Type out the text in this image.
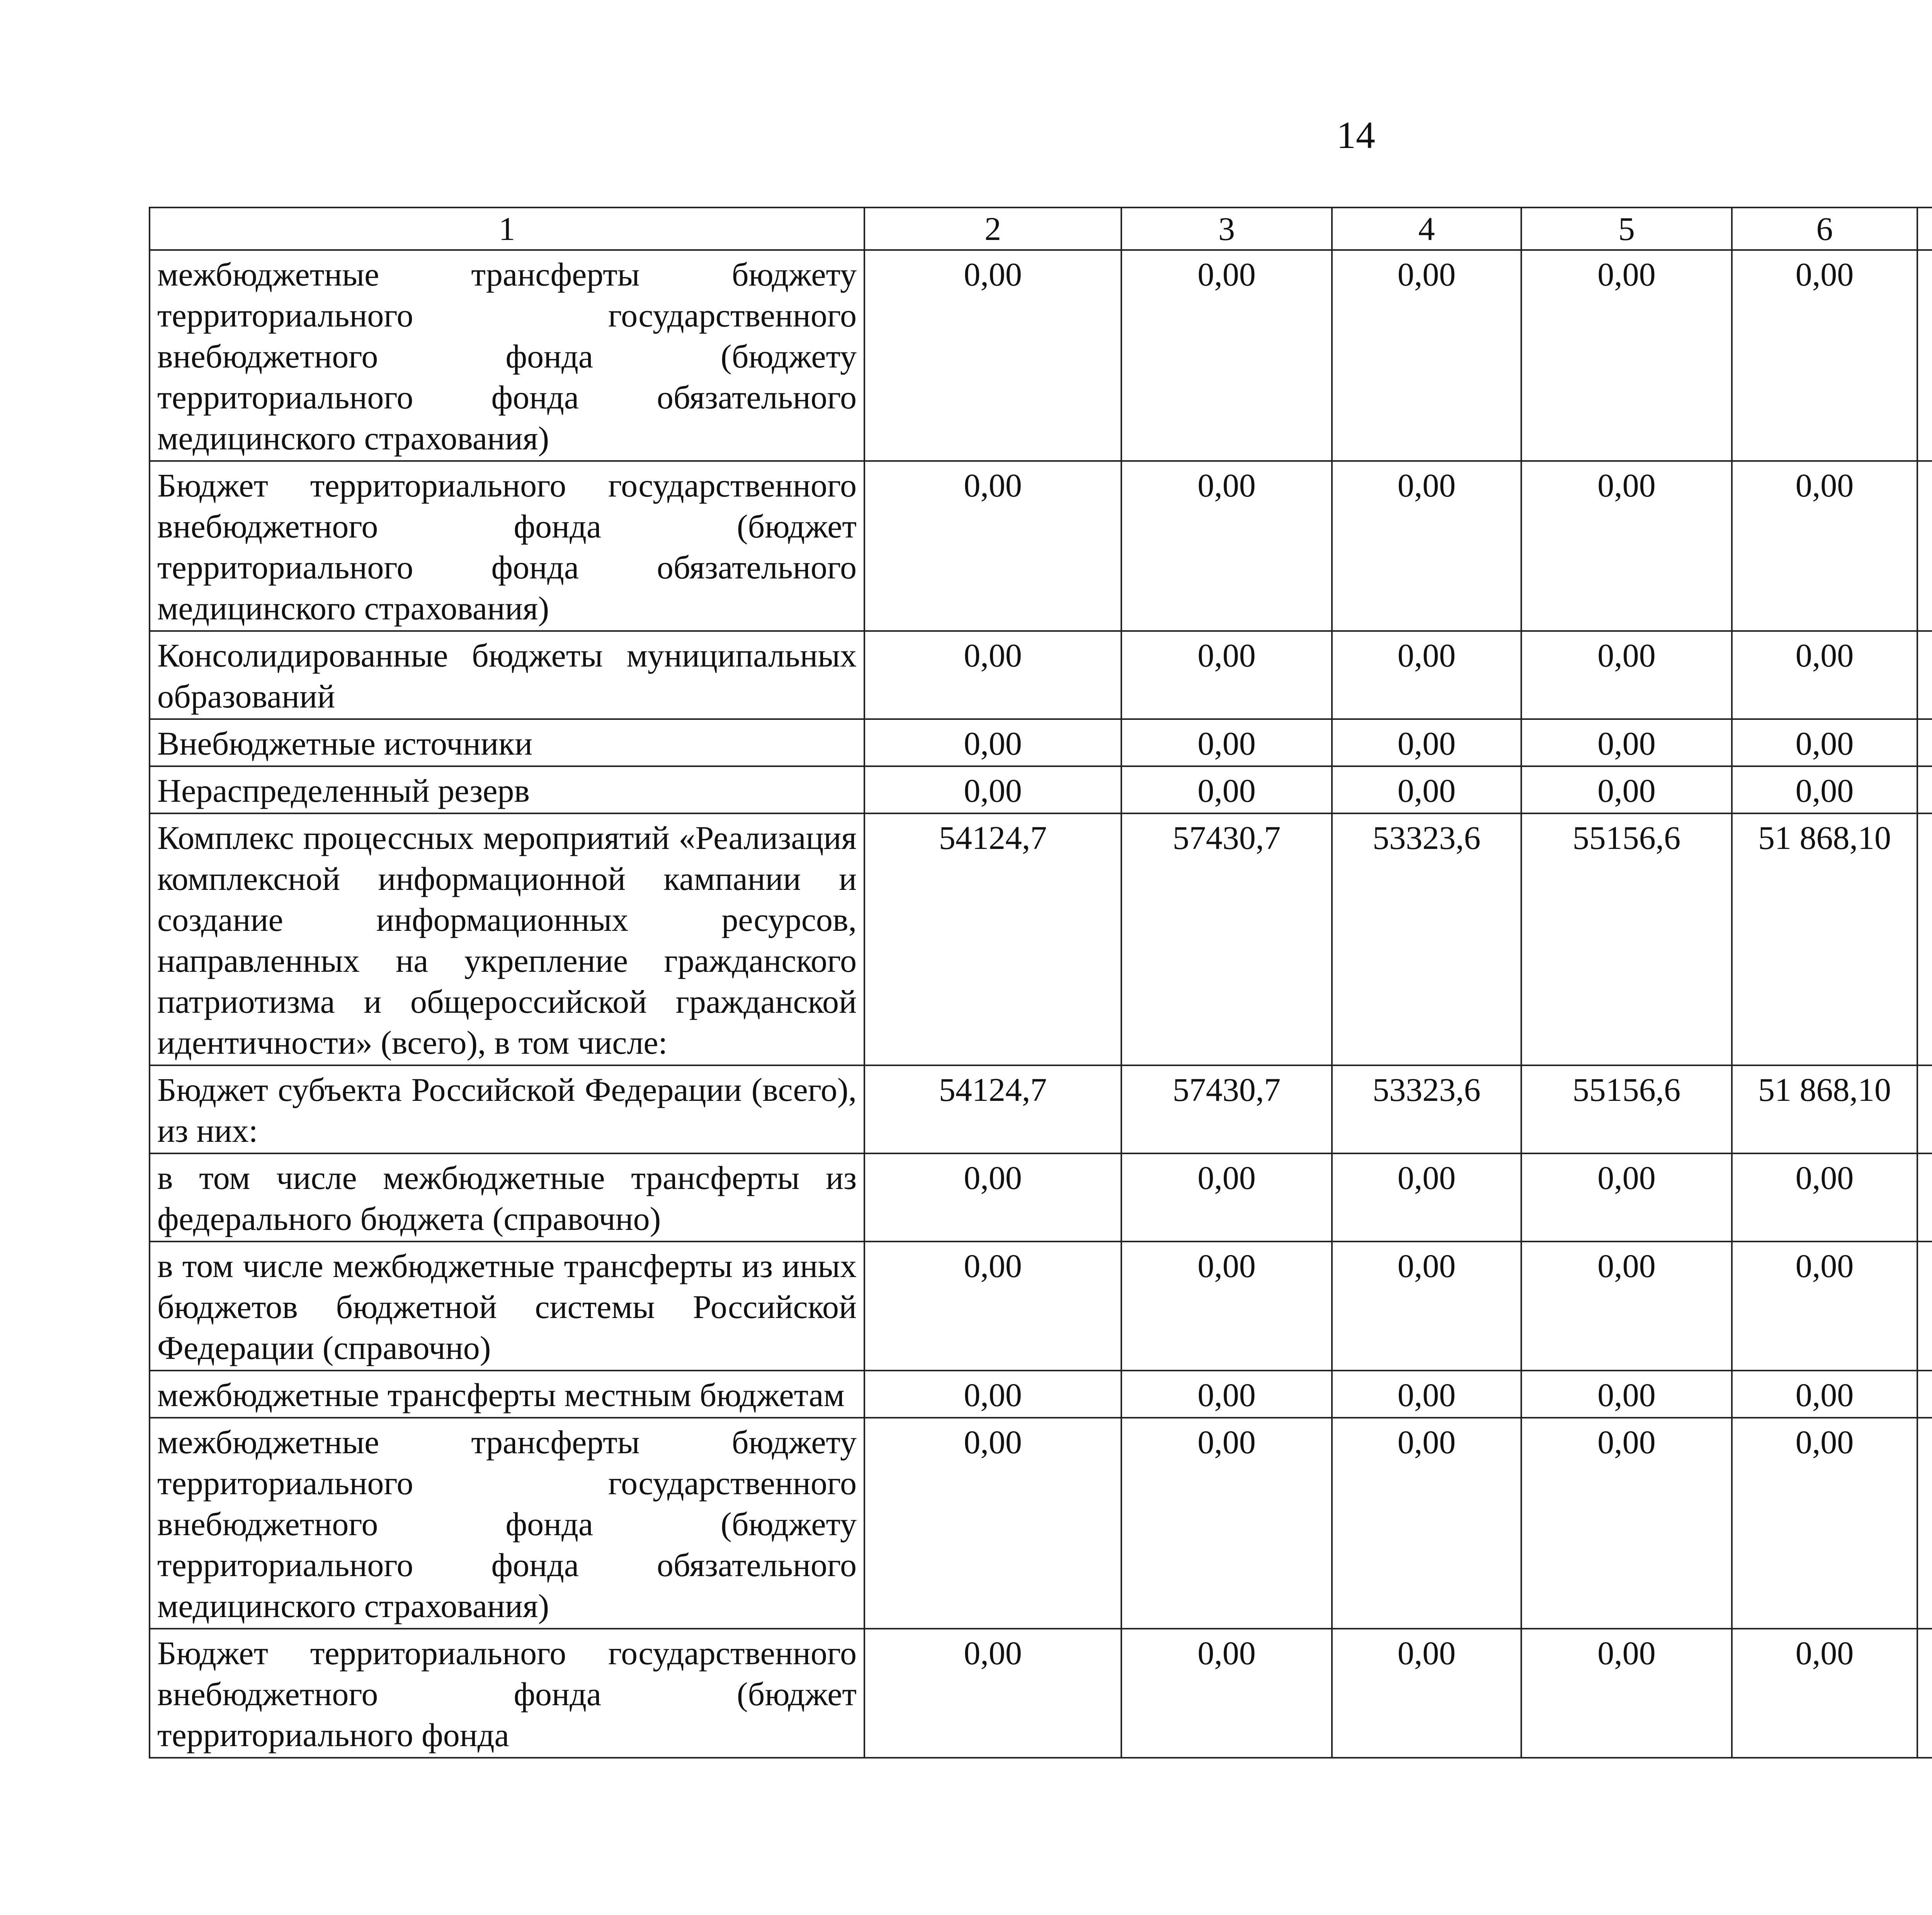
14
1	2	3	4	5	6			
межбюджетные трансферты бюджету территориального государственного внебюджетного фонда (бюджету территориального фонда обязательного медицинского страхования)	0,00	0,00	0,00	0,00	0,00			
Бюджет территориального государственного внебюджетного фонда (бюджет территориального фонда обязательного медицинского страхования)	0,00	0,00	0,00	0,00	0,00			
Консолидированные бюджеты муниципальных образований	0,00	0,00	0,00	0,00	0,00			
Внебюджетные источники	0,00	0,00	0,00	0,00	0,00			
Нераспределенный резерв	0,00	0,00	0,00	0,00	0,00			
Комплекс процессных мероприятий «Реализация комплексной информационной кампании и создание информационных ресурсов, направленных на укрепление гражданского патриотизма и общероссийской гражданской идентичности» (всего), в том числе:	54124,7	57430,7	53323,6	55156,6	51 868,10			
Бюджет субъекта Российской Федерации (всего), из них:	54124,7	57430,7	53323,6	55156,6	51 868,10			
в том числе межбюджетные трансферты из федерального бюджета (справочно)	0,00	0,00	0,00	0,00	0,00			
в том числе межбюджетные трансферты из иных бюджетов бюджетной системы Российской Федерации (справочно)	0,00	0,00	0,00	0,00	0,00			
межбюджетные трансферты местным бюджетам	0,00	0,00	0,00	0,00	0,00			
межбюджетные трансферты бюджету территориального государственного внебюджетного фонда (бюджету территориального фонда обязательного медицинского страхования)	0,00	0,00	0,00	0,00	0,00			
Бюджет территориального государственного внебюджетного фонда (бюджет территориального фонда	0,00	0,00	0,00	0,00	0,00			
